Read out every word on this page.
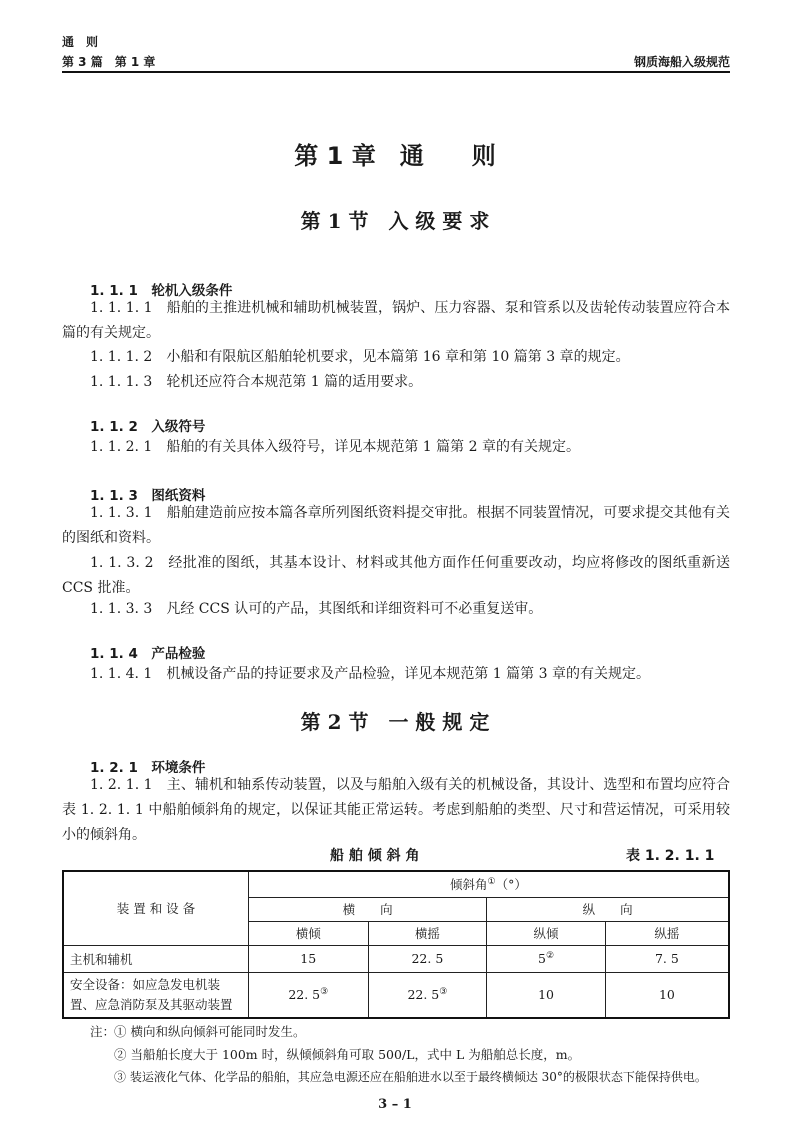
通　则
第 3 篇　第 1 章	钢质海船入级规范
第 1 章　通　　则
第 1 节　入 级 要 求
1. 1. 1　轮机入级条件
1. 1. 1. 1　船舶的主推进机械和辅助机械装置，锅炉、压力容器、泵和管系以及齿轮传动装置应符合本篇的有关规定。
1. 1. 1. 2　小船和有限航区船舶轮机要求，见本篇第 16 章和第 10 篇第 3 章的规定。
1. 1. 1. 3　轮机还应符合本规范第 1 篇的适用要求。
1. 1. 2　入级符号
1. 1. 2. 1　船舶的有关具体入级符号，详见本规范第 1 篇第 2 章的有关规定。
1. 1. 3　图纸资料
1. 1. 3. 1　船舶建造前应按本篇各章所列图纸资料提交审批。根据不同装置情况，可要求提交其他有关的图纸和资料。
1. 1. 3. 2　经批准的图纸，其基本设计、材料或其他方面作任何重要改动，均应将修改的图纸重新送 CCS 批准。
1. 1. 3. 3　凡经 CCS 认可的产品，其图纸和详细资料可不必重复送审。
1. 1. 4　产品检验
1. 1. 4. 1　机械设备产品的持证要求及产品检验，详见本规范第 1 篇第 3 章的有关规定。
第 2 节　一 般 规 定
1. 2. 1　环境条件
1. 2. 1. 1　主、辅机和轴系传动装置，以及与船舶入级有关的机械设备，其设计、选型和布置均应符合表 1. 2. 1. 1 中船舶倾斜角的规定，以保证其能正常运转。考虑到船舶的类型、尺寸和营运情况，可采用较小的倾斜角。
船 舶 倾 斜 角	表 1. 2. 1. 1
装 置 和 设 备	倾斜角①（°）			
	横　　向		纵　　向	
	横倾	横摇	纵倾	纵摇
主机和辅机	15	22. 5	5②	7. 5

安全设备：如应急发电机装
置、应急消防泵及其驱动装置	22. 5③	22. 5③	10	10
注：
① 横向和纵向倾斜可能同时发生。
② 当船舶长度大于 100m 时，纵倾倾斜角可取 500/L，式中 L 为船舶总长度，m。
③ 装运液化气体、化学品的船舶，其应急电源还应在船舶进水以至于最终横倾达 30°的极限状态下能保持供电。
3 – 1
